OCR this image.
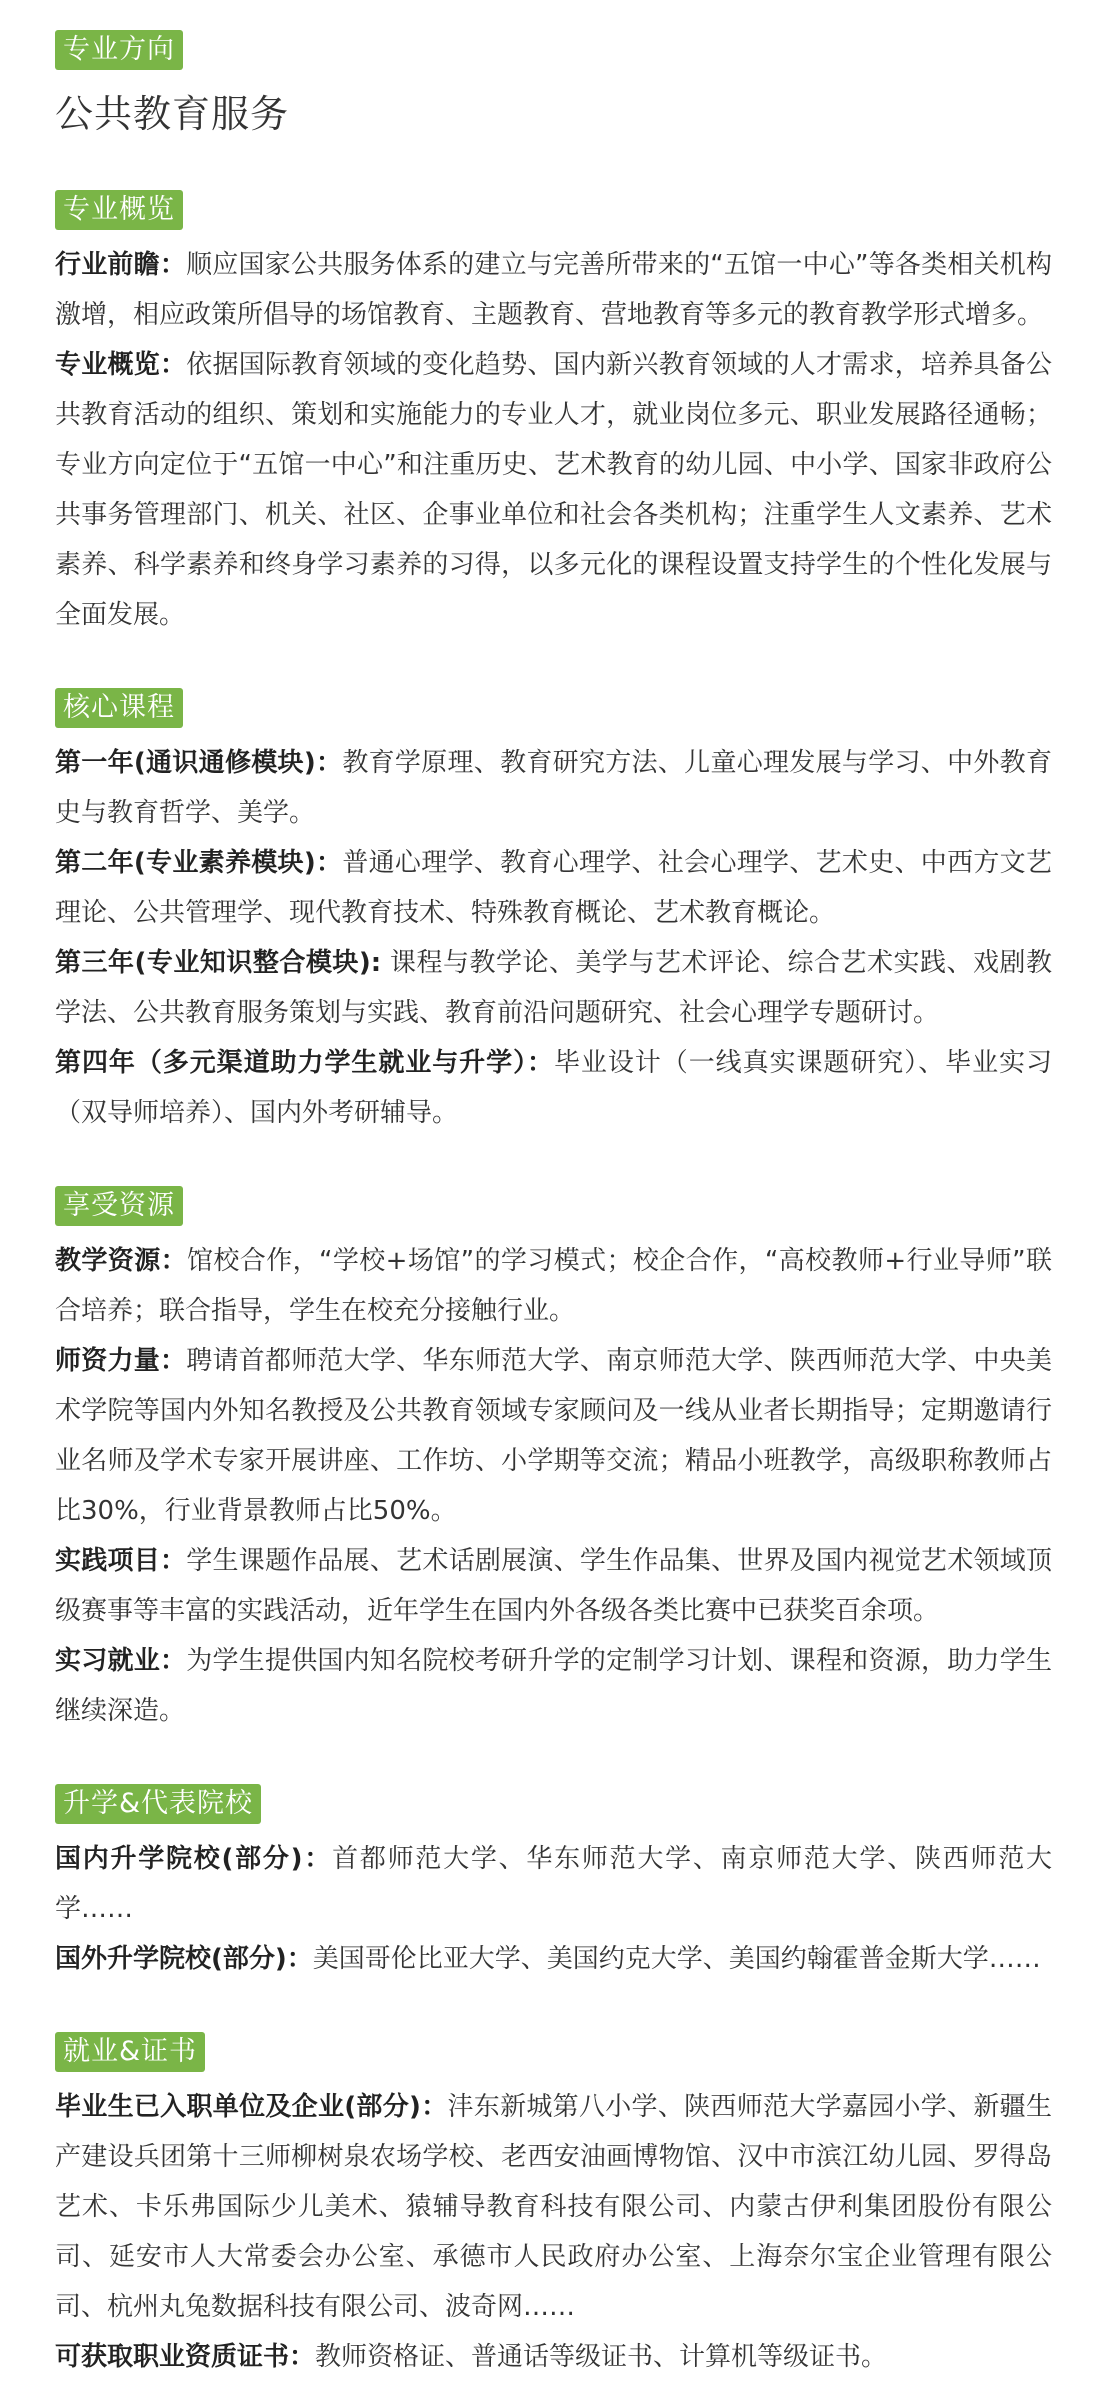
专业方向
公共教育服务
专业概览

行业前瞻：顺应国家公共服务体系的建立与完善所带来的“五馆一中心”等各类相关机构激增，相应政策所倡导的场馆教育、主题教育、营地教育等多元的教育教学形式增多。

专业概览：依据国际教育领域的变化趋势、国内新兴教育领域的人才需求，培养具备公共教育活动的组织、策划和实施能力的专业人才，就业岗位多元、职业发展路径通畅；专业方向定位于“五馆一中心”和注重历史、艺术教育的幼儿园、中小学、国家非政府公共事务管理部门、机关、社区、企事业单位和社会各类机构；注重学生人文素养、艺术素养、科学素养和终身学习素养的习得，以多元化的课程设置支持学生的个性化发展与全面发展。

核心课程

第一年(通识通修模块)：教育学原理、教育研究方法、儿童心理发展与学习、中外教育史与教育哲学、美学。

第二年(专业素养模块)：普通心理学、教育心理学、社会心理学、艺术史、中西方文艺理论、公共管理学、现代教育技术、特殊教育概论、艺术教育概论。

第三年(专业知识整合模块): 课程与教学论、美学与艺术评论、综合艺术实践、戏剧教学法、公共教育服务策划与实践、教育前沿问题研究、社会心理学专题研讨。

第四年（多元渠道助力学生就业与升学）：毕业设计（一线真实课题研究）、毕业实习（双导师培养）、国内外考研辅导。

享受资源

教学资源：馆校合作，“学校+场馆”的学习模式；校企合作，“高校教师+行业导师”联合培养；联合指导，学生在校充分接触行业。

师资力量：聘请首都师范大学、华东师范大学、南京师范大学、陕西师范大学、中央美术学院等国内外知名教授及公共教育领域专家顾问及一线从业者长期指导；定期邀请行业名师及学术专家开展讲座、工作坊、小学期等交流；精品小班教学，高级职称教师占比30%，行业背景教师占比50%。

实践项目：学生课题作品展、艺术话剧展演、学生作品集、世界及国内视觉艺术领域顶级赛事等丰富的实践活动，近年学生在国内外各级各类比赛中已获奖百余项。

实习就业：为学生提供国内知名院校考研升学的定制学习计划、课程和资源，助力学生继续深造。

升学&代表院校

国内升学院校(部分)：首都师范大学、华东师范大学、南京师范大学、陕西师范大学……

国外升学院校(部分)：美国哥伦比亚大学、美国约克大学、美国约翰霍普金斯大学……

就业&证书

毕业生已入职单位及企业(部分)：沣东新城第八小学、陕西师范大学嘉园小学、新疆生产建设兵团第十三师柳树泉农场学校、老西安油画博物馆、汉中市滨江幼儿园、罗得岛艺术、卡乐弗国际少儿美术、猿辅导教育科技有限公司、内蒙古伊利集团股份有限公司、延安市人大常委会办公室、承德市人民政府办公室、上海奈尔宝企业管理有限公司、杭州丸兔数据科技有限公司、波奇网……

可获取职业资质证书：教师资格证、普通话等级证书、计算机等级证书。
